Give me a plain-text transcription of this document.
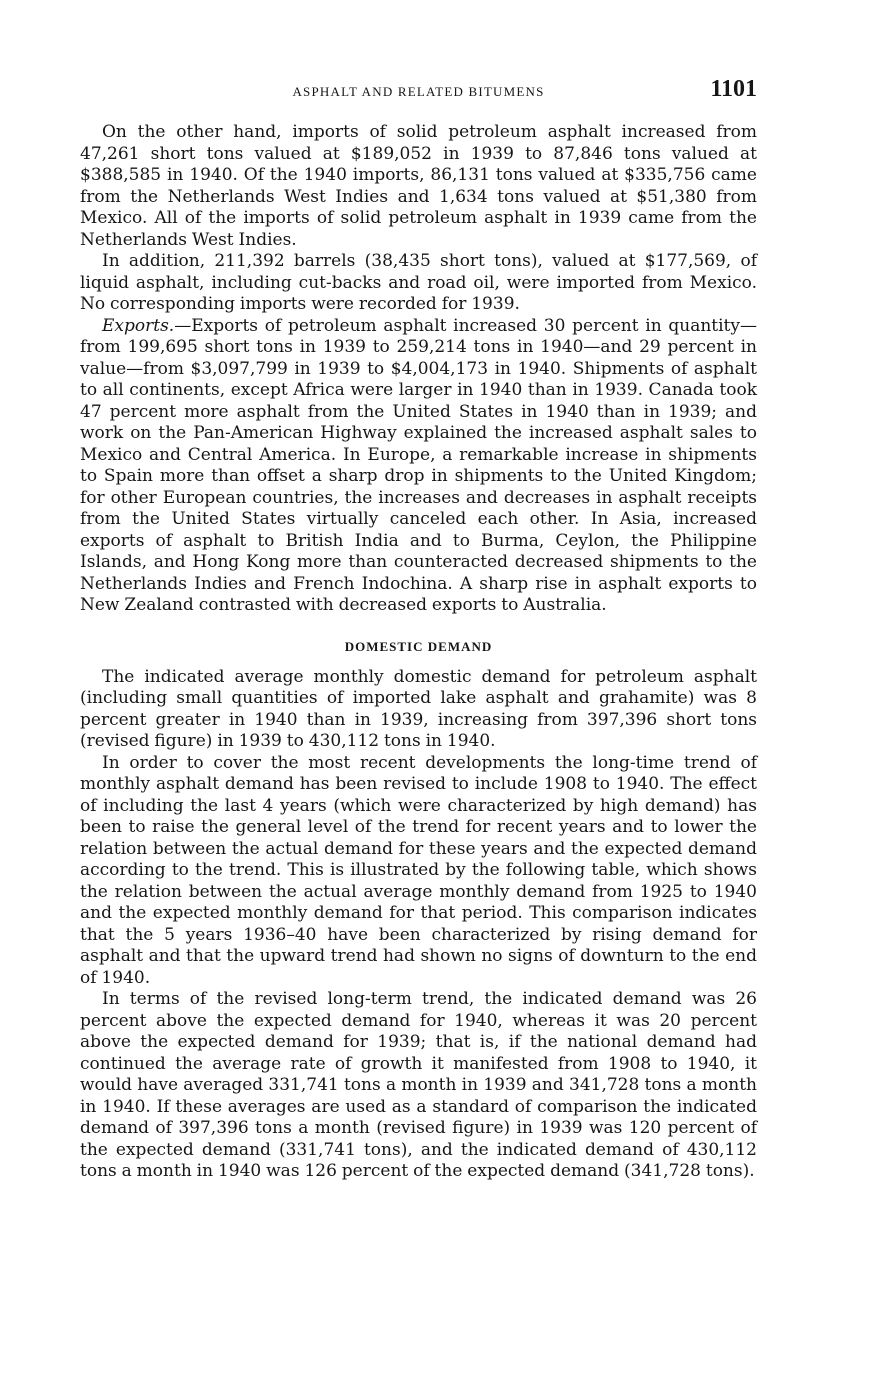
ASPHALT AND RELATED BITUMENS	1101

On the other hand, imports of solid petroleum asphalt increased from 47,261 short tons valued at $189,052 in 1939 to 87,846 tons valued at $388,585 in 1940. Of the 1940 imports, 86,131 tons valued at $335,756 came from the Netherlands West Indies and 1,634 tons valued at $51,380 from Mexico. All of the imports of solid petroleum asphalt in 1939 came from the Netherlands West Indies.

In addition, 211,392 barrels (38,435 short tons), valued at $177,569, of liquid asphalt, including cut-backs and road oil, were imported from Mexico. No corresponding imports were recorded for 1939.

Exports.—Exports of petroleum asphalt increased 30 percent in quantity—from 199,695 short tons in 1939 to 259,214 tons in 1940—and 29 percent in value—from $3,097,799 in 1939 to $4,004,173 in 1940. Shipments of asphalt to all continents, except Africa were larger in 1940 than in 1939. Canada took 47 percent more asphalt from the United States in 1940 than in 1939; and work on the Pan-American Highway explained the increased asphalt sales to Mexico and Central America. In Europe, a remarkable increase in shipments to Spain more than offset a sharp drop in shipments to the United Kingdom; for other European countries, the increases and decreases in asphalt receipts from the United States virtually canceled each other. In Asia, increased exports of asphalt to British India and to Burma, Ceylon, the Philippine Islands, and Hong Kong more than counteracted decreased shipments to the Netherlands Indies and French Indochina. A sharp rise in asphalt exports to New Zealand contrasted with decreased exports to Australia.

DOMESTIC DEMAND

The indicated average monthly domestic demand for petroleum asphalt (including small quantities of imported lake asphalt and grahamite) was 8 percent greater in 1940 than in 1939, increasing from 397,396 short tons (revised figure) in 1939 to 430,112 tons in 1940.

In order to cover the most recent developments the long-time trend of monthly asphalt demand has been revised to include 1908 to 1940. The effect of including the last 4 years (which were characterized by high demand) has been to raise the general level of the trend for recent years and to lower the relation between the actual demand for these years and the expected demand according to the trend. This is illustrated by the following table, which shows the relation between the actual average monthly demand from 1925 to 1940 and the expected monthly demand for that period. This comparison indicates that the 5 years 1936–40 have been characterized by rising demand for asphalt and that the upward trend had shown no signs of downturn to the end of 1940.

In terms of the revised long-term trend, the indicated demand was 26 percent above the expected demand for 1940, whereas it was 20 percent above the expected demand for 1939; that is, if the national demand had continued the average rate of growth it manifested from 1908 to 1940, it would have averaged 331,741 tons a month in 1939 and 341,728 tons a month in 1940. If these averages are used as a standard of comparison the indicated demand of 397,396 tons a month (revised figure) in 1939 was 120 percent of the expected demand (331,741 tons), and the indicated demand of 430,112 tons a month in 1940 was 126 percent of the expected demand (341,728 tons).
